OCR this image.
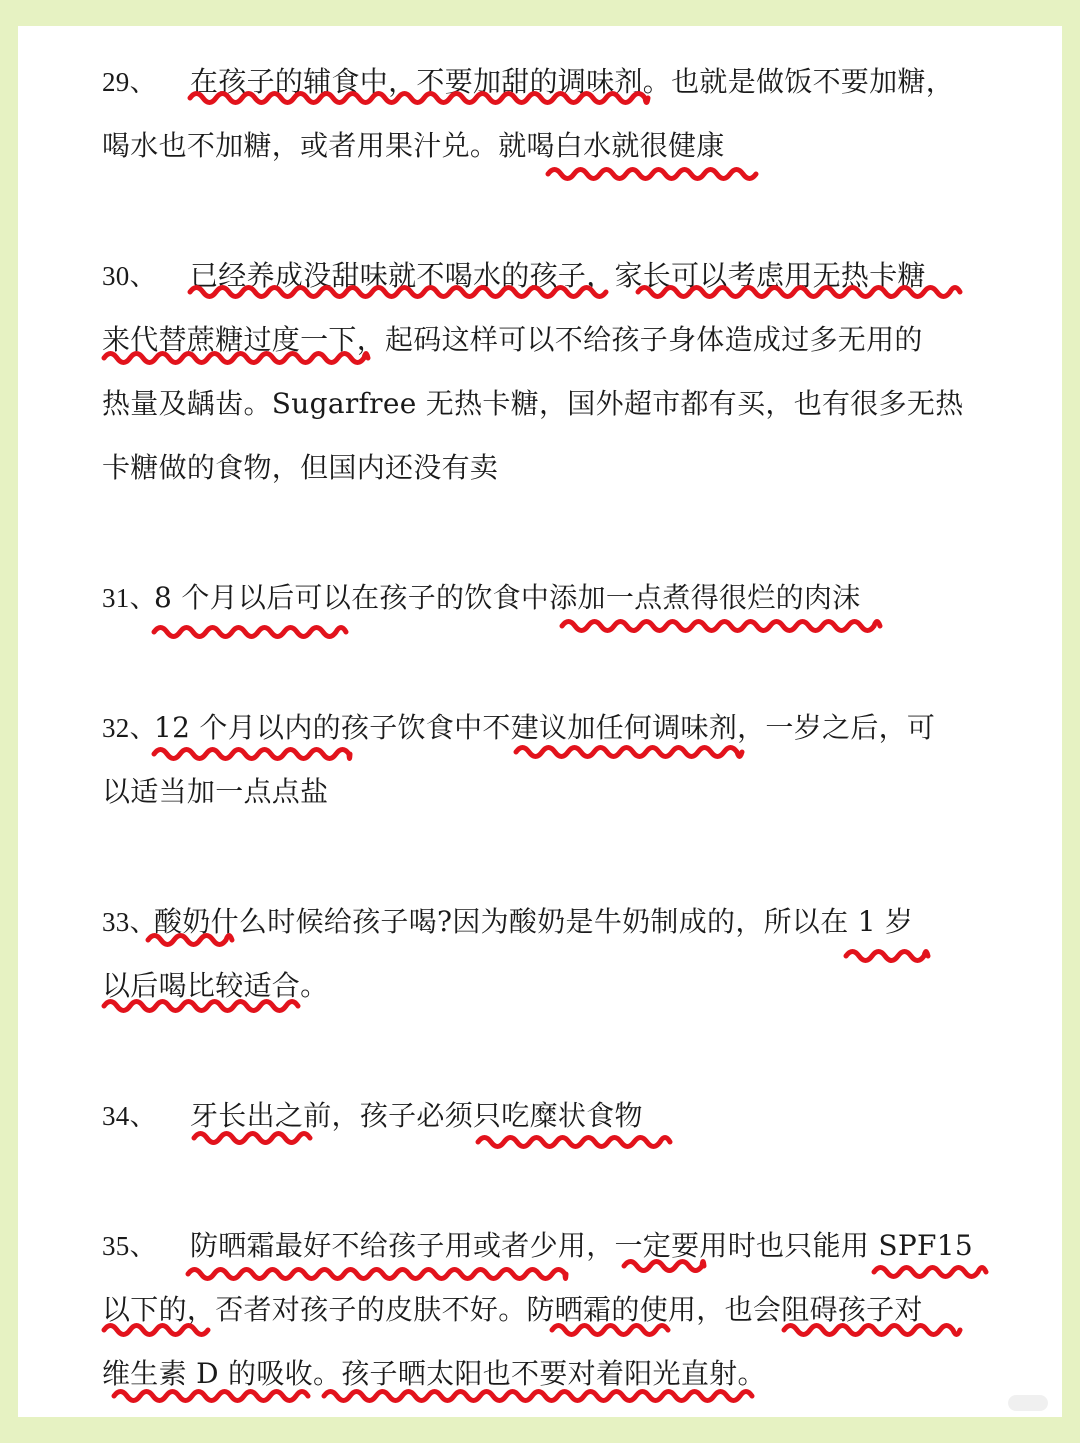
29、 在孩子的辅食中，不要加甜的调味剂。也就是做饭不要加糖，
喝水也不加糖，或者用果汁兑。就喝白水就很健康
30、 已经养成没甜味就不喝水的孩子，家长可以考虑用无热卡糖
来代替蔗糖过度一下，起码这样可以不给孩子身体造成过多无用的
热量及龋齿。Sugarfree 无热卡糖，国外超市都有买，也有很多无热
卡糖做的食物，但国内还没有卖
31、8 个月以后可以在孩子的饮食中添加一点煮得很烂的肉沫
32、12 个月以内的孩子饮食中不建议加任何调味剂，一岁之后，可
以适当加一点点盐
33、酸奶什么时候给孩子喝?因为酸奶是牛奶制成的，所以在 1 岁
以后喝比较适合。
34、 牙长出之前，孩子必须只吃糜状食物
35、 防晒霜最好不给孩子用或者少用，一定要用时也只能用 SPF15
以下的，否者对孩子的皮肤不好。防晒霜的使用，也会阻碍孩子对
维生素 D 的吸收。孩子晒太阳也不要对着阳光直射。
